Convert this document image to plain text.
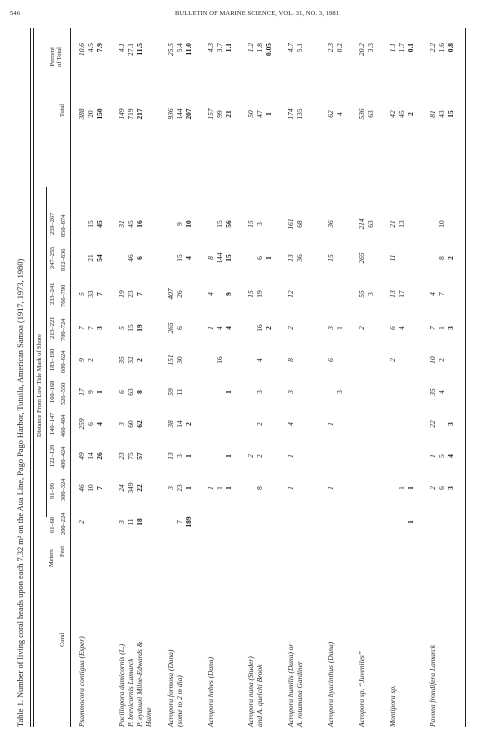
546	BULLETIN OF MARINE SCIENCE, VOL. 31, NO. 3, 1981
Table 1. Number of living coral heads upon each 7.32 m² on the Aua Line, Pago Pago Harbor, Tutuila, American Samoa (1917, 1973, 1980) Distance From Low Tide Mark of Shore
Meters Feet
Coral
Total
Percent
of Total
61–68
91–99
122–129
140–147
160–168
183–190
213–221
233–241
247–255
259–267
200–224
300–324
400–424
460–484
526–550
600–624
700–724
766–790
812–836
850–874
Psammocora contigua (Esper)
2
46
49
259
17
9
7
5
388
10.6
10
14
6
9
2
7
33
21
15
20
4.5
7
26
4
1
3
7
54
45
150
7.9
Pocillopora damicornis (L.) P. brevicornis Lamarck P. eydouxi Milne-Edwards & Haime
3
24
23
3
6
35
5
19
31
149
4.1
11
349
75
60
63
32
15
23
46
45
719
27.1
18
22
57
62
8
2
19
7
6
16
217
11.5
Acropora formosa (Dana) (some to 2 m dia)
3
13
38
59
151
265
407
936
25.5
7
23
3
14
11
30
6
26
15
9
144
5.4
189
1
1
2
4
10
207
11.0
Acropora hebes (Dana)
1
1
4
8
157
4.3
1
16
4
144
15
99
3.7
1
1
1
4
9
15
56
21
1.1
Acropora nana (Studer) and A. quelchi Brook
2
15
15
50
1.2
8
2
2
3
4
16
19
6
3
47
1.8
2
1
1
0.05
Acropora humilis (Dana) or A. rotumana Gardiner
1
1
4
3
8
2
12
13
161
174
4.7
36
68
135
5.1
Acropora hyacinthus (Dana)
1
1
6
3
15
36
62
2.3
3
1
4
0.2
Acropora sp. “Juveniles”
2
55
265
214
536
20.2
3
63
63
3.3
Montipora sp.
2
6
13
11
21
42
1.1
1
4
17
13
45
1.7
1
1
2
0.1
Pavona frondifera Lamarck
2
1
22
35
10
7
4
81
2.2
6
5
4
2
1
7
8
10
43
1.6
3
4
3
3
2
15
0.8
